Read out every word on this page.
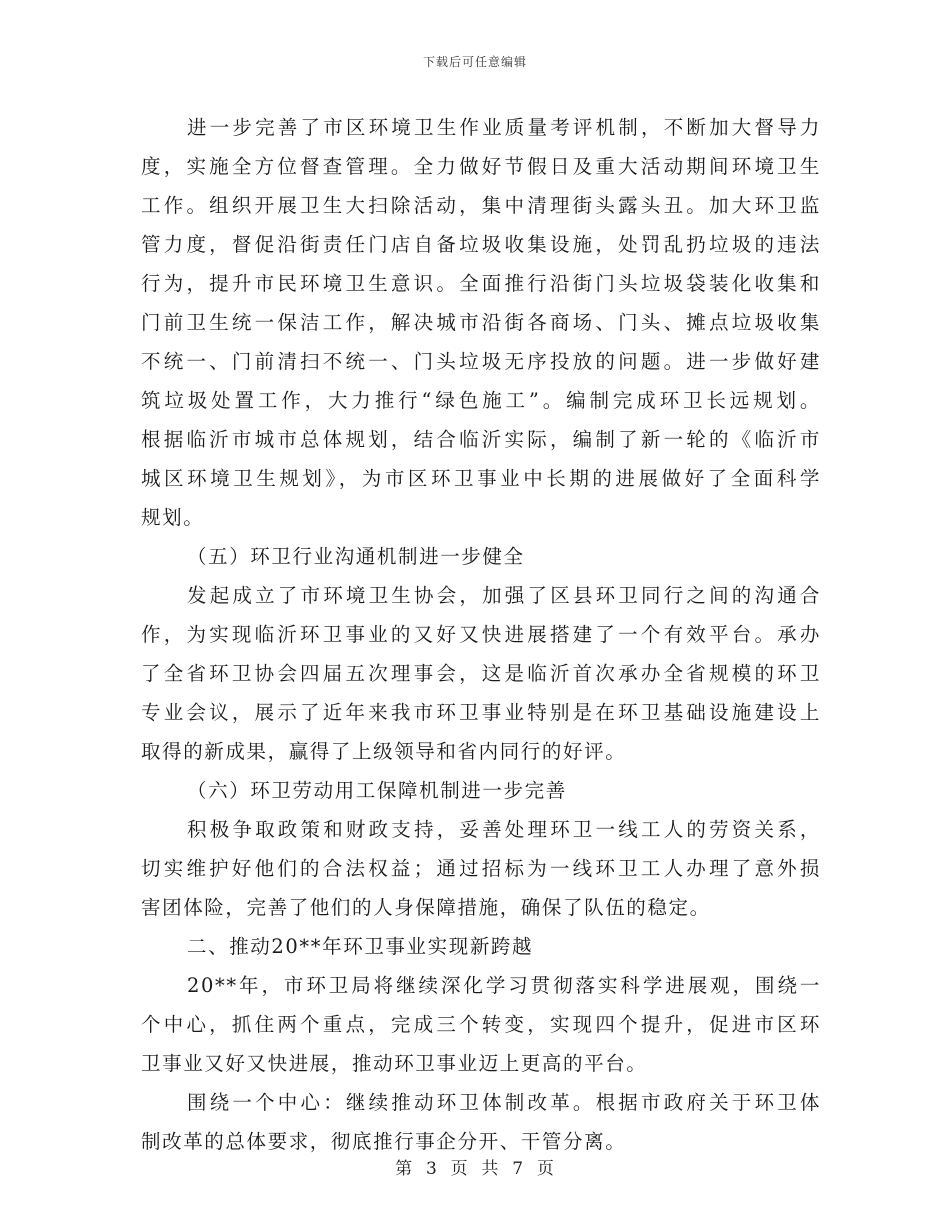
下载后可任意编辑
进一步完善了市区环境卫生作业质量考评机制，不断加大督导力
度，实施全方位督查管理。全力做好节假日及重大活动期间环境卫生
工作。组织开展卫生大扫除活动，集中清理街头露头丑。加大环卫监
管力度，督促沿街责任门店自备垃圾收集设施，处罚乱扔垃圾的违法
行为，提升市民环境卫生意识。全面推行沿街门头垃圾袋装化收集和
门前卫生统一保洁工作，解决城市沿街各商场、门头、摊点垃圾收集
不统一、门前清扫不统一、门头垃圾无序投放的问题。进一步做好建
筑垃圾处置工作，大力推行“绿色施工”。编制完成环卫长远规划。
根据临沂市城市总体规划，结合临沂实际，编制了新一轮的《临沂市
城区环境卫生规划》，为市区环卫事业中长期的进展做好了全面科学
规划。
（五）环卫行业沟通机制进一步健全
发起成立了市环境卫生协会，加强了区县环卫同行之间的沟通合
作，为实现临沂环卫事业的又好又快进展搭建了一个有效平台。承办
了全省环卫协会四届五次理事会，这是临沂首次承办全省规模的环卫
专业会议，展示了近年来我市环卫事业特别是在环卫基础设施建设上
取得的新成果，赢得了上级领导和省内同行的好评。
（六）环卫劳动用工保障机制进一步完善
积极争取政策和财政支持，妥善处理环卫一线工人的劳资关系，
切实维护好他们的合法权益；通过招标为一线环卫工人办理了意外损
害团体险，完善了他们的人身保障措施，确保了队伍的稳定。
二、推动20**年环卫事业实现新跨越
20**年，市环卫局将继续深化学习贯彻落实科学进展观，围绕一
个中心，抓住两个重点，完成三个转变，实现四个提升，促进市区环
卫事业又好又快进展，推动环卫事业迈上更高的平台。
围绕一个中心：继续推动环卫体制改革。根据市政府关于环卫体
制改革的总体要求，彻底推行事企分开、干管分离。
第  3  页  共  7  页
